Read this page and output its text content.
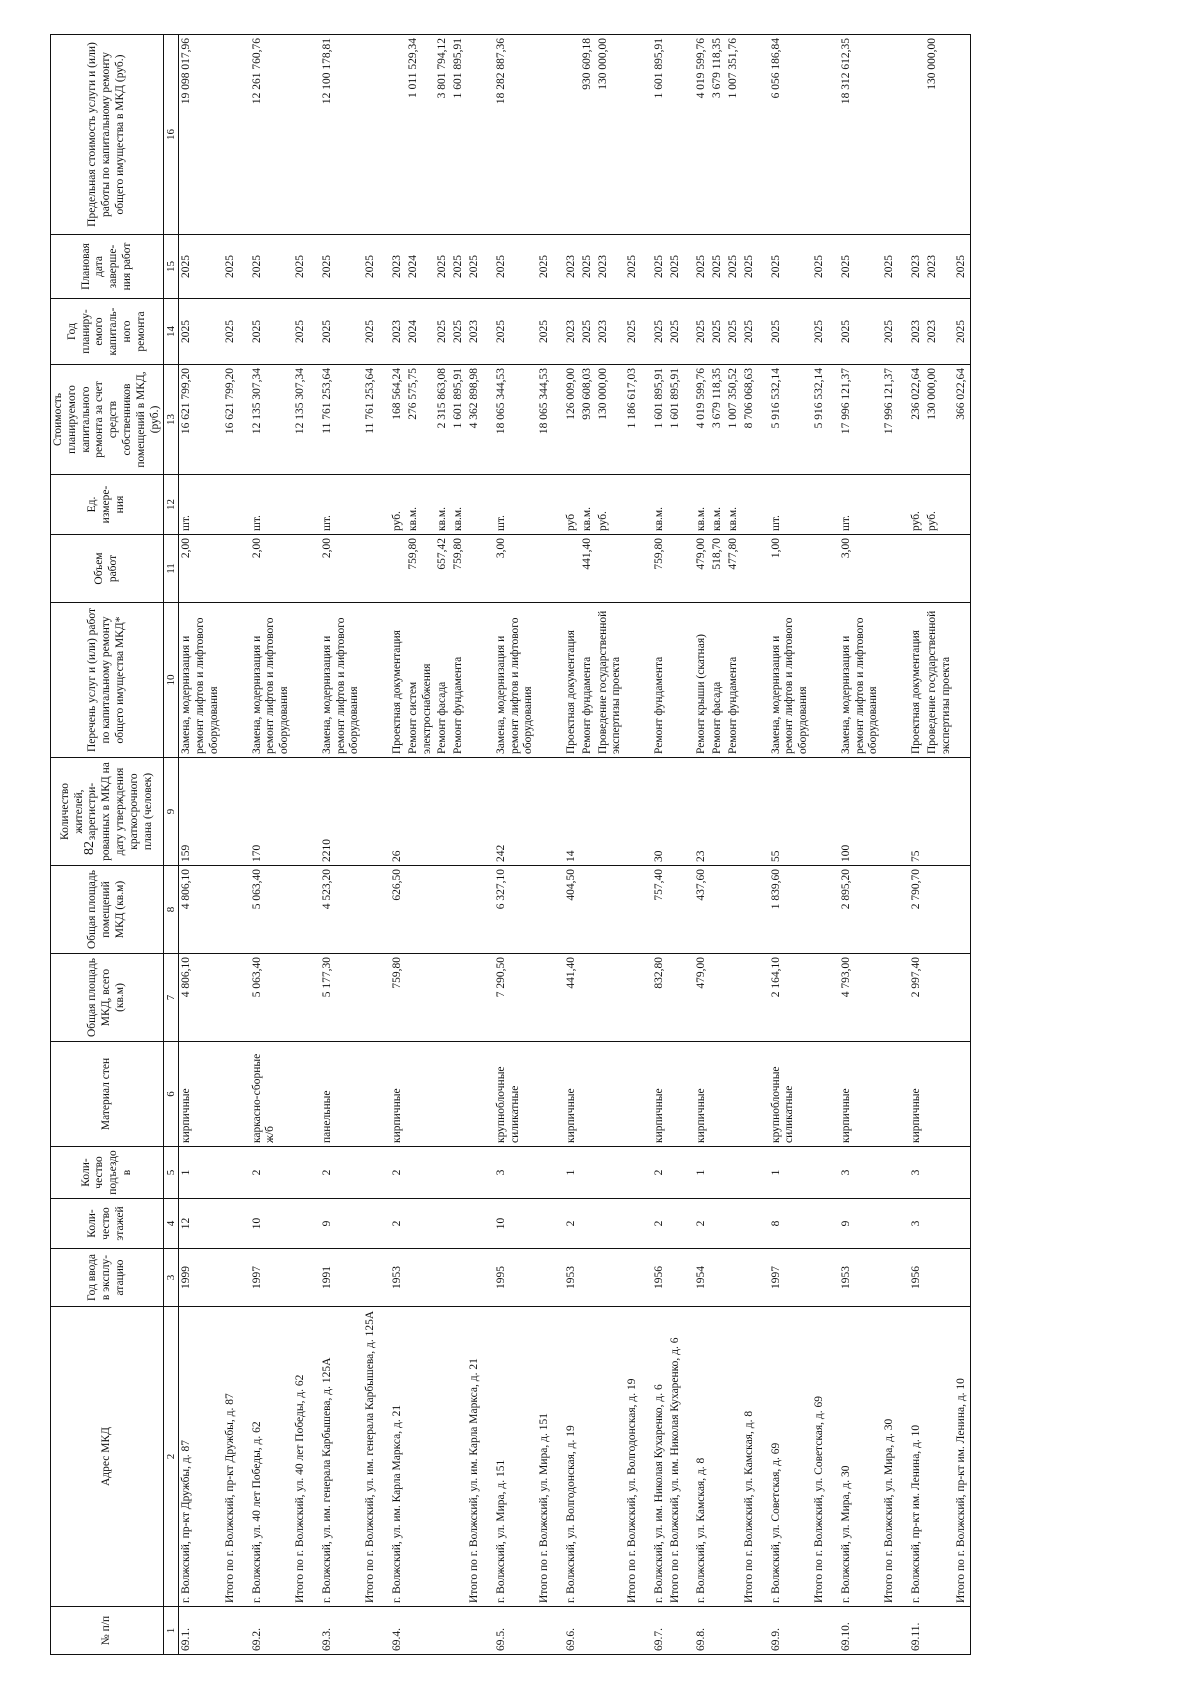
82
№ п/п	Адрес МКД	Год ввода в эксплу-атацию	Коли-чество этажей	Коли-чество подъездо в	Материал стен	Общая площадь МКД, всего (кв.м)	Общая площадь помещений МКД (кв.м)	Количество жителей, зарегистри-рованных в МКД на дату утверждения краткосрочного плана (человек)	Перечень услуг и (или) работ по капитальному ремонту общего имущества МКД*	Объем работ	Ед. измере-ния	Стоимость планируемого капитального ремонта за счет средств собственников помещений в МКД, (руб.)	Год планиру-емого капиталь-ного ремонта	Плановая дата заверше-ния работ	Предельная стоимость услуги и (или) работы по капитальному ремонту общего имущества в МКД (руб.)
1	2	3	4	5	6	7	8	9	10	11	12	13	14	15	16
69.1.	г. Волжский, пр-кт Дружбы, д. 87	1999	12	1	кирпичные	4 806,10	4 806,10	159	Замена, модернизация и ремонт лифтов и лифтового оборудования	2,00	шт.	16 621 799,20	2025	2025	19 098 017,96
	Итого по г. Волжский, пр-кт Дружбы, д. 87											16 621 799,20	2025	2025	

69.2.	г. Волжский, ул. 40 лет Победы, д. 62	1997	10	2	каркасно-сборные ж/б	5 063,40	5 063,40	170	Замена, модернизация и ремонт лифтов и лифтового оборудования	2,00	шт.	12 135 307,34	2025	2025	12 261 760,76
	Итого по г. Волжский, ул. 40 лет Победы, д. 62											12 135 307,34	2025	2025	

69.3.	г. Волжский, ул. им. генерала Карбышева, д. 125А	1991	9	2	панельные	5 177,30	4 523,20	2210	Замена, модернизация и ремонт лифтов и лифтового оборудования	2,00	шт.	11 761 253,64	2025	2025	12 100 178,81
	Итого по г. Волжский, ул. им. генерала Карбышева, д. 125А											11 761 253,64	2025	2025	

69.4.	г. Волжский, ул. им. Карла Маркса, д. 21	1953	2	2	кирпичные	759,80	626,50	26	Проектная документация		руб.	168 564,24	2023	2023	
									Ремонт систем электроснабжения	759,80	кв.м.	276 575,75	2024	2024	1 011 529,34
									Ремонт фасада	657,42	кв.м.	2 315 863,08	2025	2025	3 801 794,12
									Ремонт фундамента	759,80	кв.м.	1 601 895,91	2025	2025	1 601 895,91
	Итого по г. Волжский, ул. им. Карла Маркса, д. 21											4 362 898,98	2023	2025	

69.5.	г. Волжский, ул. Мира, д. 151	1995	10	3	крупноблочные силикатные	7 290,50	6 327,10	242	Замена, модернизация и ремонт лифтов и лифтового оборудования	3,00	шт.	18 065 344,53	2025	2025	18 282 887,36
	Итого по г. Волжский, ул. Мира, д. 151											18 065 344,53	2025	2025	

69.6.	г. Волжский, ул. Волгодонская, д. 19	1953	2	1	кирпичные	441,40	404,50	14	Проектная документация		руб	126 009,00	2023	2023	
									Ремонт фундамента	441,40	кв.м.	930 608,03	2025	2025	930 609,18
									Проведение государственной экспертизы проекта		руб.	130 000,00	2023	2023	130 000,00
	Итого по г. Волжский, ул. Волгодонская, д. 19											1 186 617,03	2025	2025	

69.7.	г. Волжский, ул. им. Николая Кухаренко, д. 6	1956	2	2	кирпичные	832,80	757,40	30	Ремонт фундамента	759,80	кв.м.	1 601 895,91	2025	2025	1 601 895,91
	Итого по г. Волжский, ул. им. Николая Кухаренко, д. 6											1 601 895,91	2025	2025	

69.8.	г. Волжский, ул. Камская, д. 8	1954	2	1	кирпичные	479,00	437,60	23	Ремонт крыши (скатная)	479,00	кв.м.	4 019 599,76	2025	2025	4 019 599,76
									Ремонт фасада	518,70	кв.м.	3 679 118,35	2025	2025	3 679 118,35
									Ремонт фундамента	477,80	кв.м.	1 007 350,52	2025	2025	1 007 351,76
	Итого по г. Волжский, ул. Камская, д. 8											8 706 068,63	2025	2025	

69.9.	г. Волжский, ул. Советская, д. 69	1997	8	1	крупноблочные силикатные	2 164,10	1 839,60	55	Замена, модернизация и ремонт лифтов и лифтового оборудования	1,00	шт.	5 916 532,14	2025	2025	6 056 186,84
	Итого по г. Волжский, ул. Советская, д. 69											5 916 532,14	2025	2025	

69.10.	г. Волжский, ул. Мира, д. 30	1953	9	3	кирпичные	4 793,00	2 895,20	100	Замена, модернизация и ремонт лифтов и лифтового оборудования	3,00	шт.	17 996 121,37	2025	2025	18 312 612,35
	Итого по г. Волжский, ул. Мира, д. 30											17 996 121,37	2025	2025	

69.11.	г. Волжский, пр-кт им. Ленина, д. 10	1956	3	3	кирпичные	2 997,40	2 790,70	75	Проектная документация		руб.	236 022,64	2023	2023	
									Проведение государственной экспертизы проекта		руб.	130 000,00	2023	2023	130 000,00
	Итого по г. Волжский, пр-кт им. Ленина, д. 10											366 022,64	2025	2025	
